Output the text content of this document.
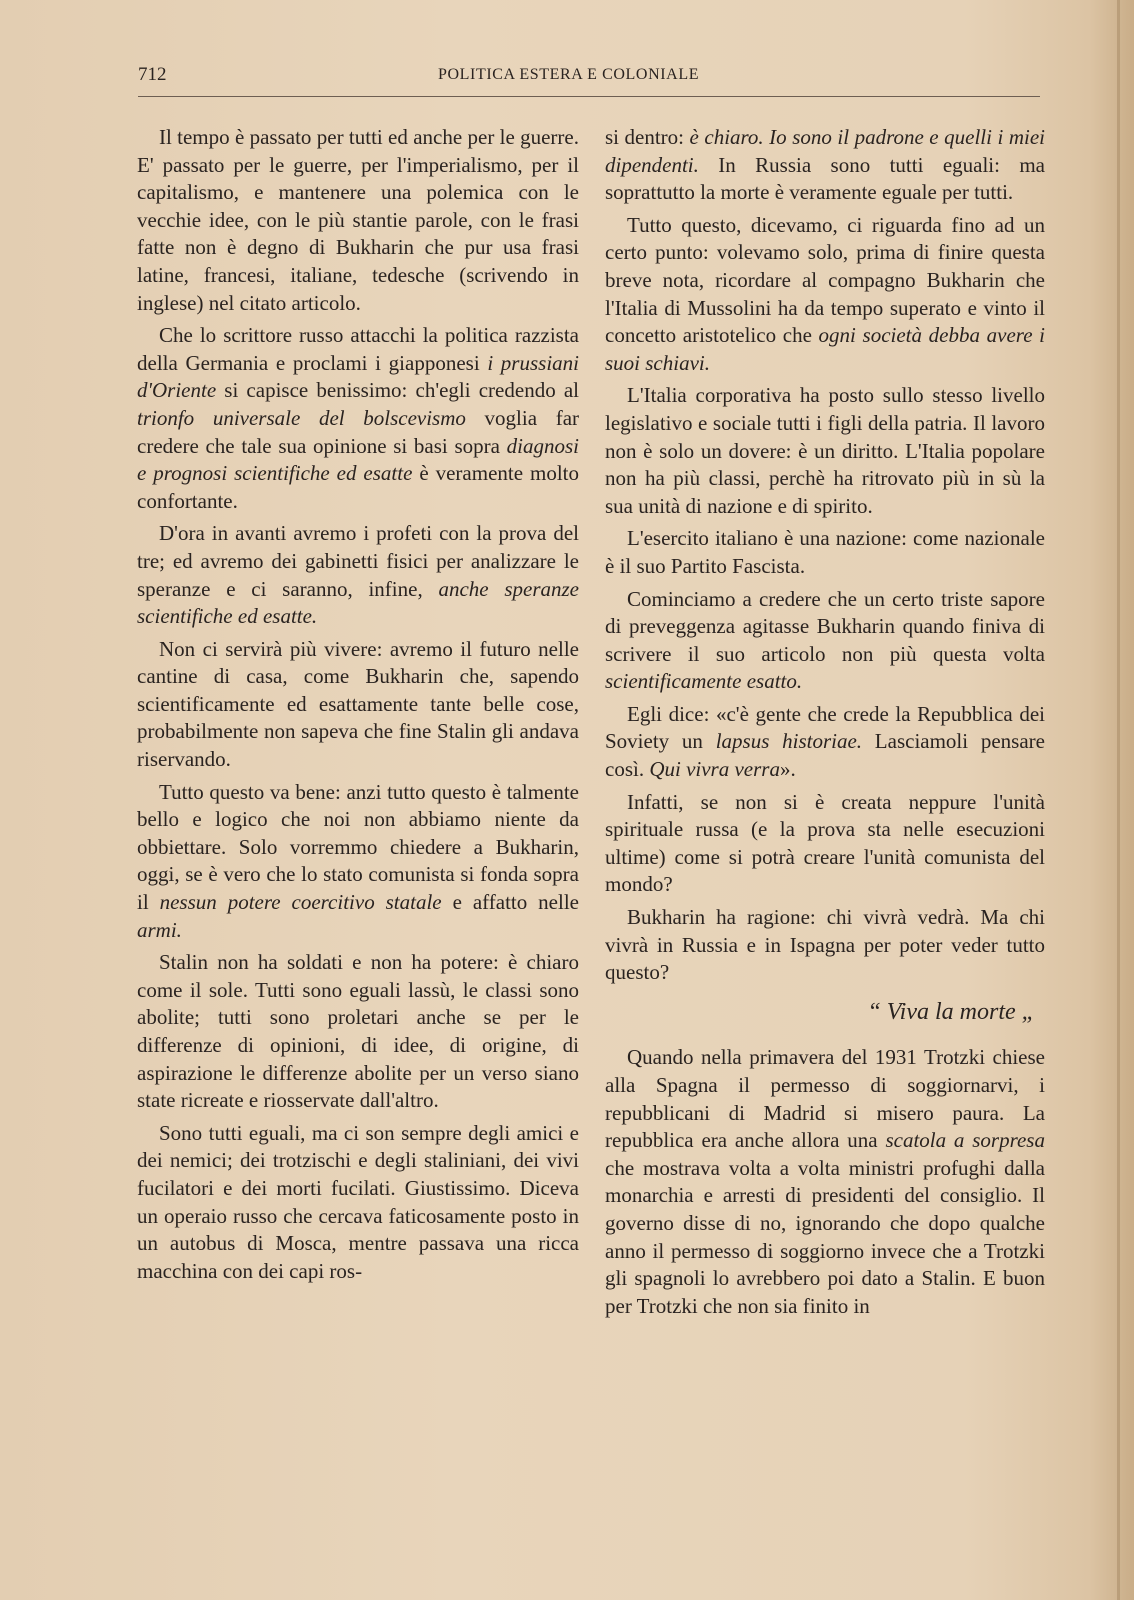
712	POLITICA ESTERA E COLONIALE

Il tempo è passato per tutti ed anche per le guerre. E' passato per le guerre, per l'imperialismo, per il capitalismo, e mantenere una polemica con le vecchie idee, con le più stantie parole, con le frasi fatte non è degno di Bukharin che pur usa frasi latine, francesi, italiane, tedesche (scrivendo in inglese) nel citato articolo.

Che lo scrittore russo attacchi la politica razzista della Germania e proclami i giapponesi i prussiani d'Oriente si capisce benissimo: ch'egli credendo al trionfo universale del bolscevismo voglia far credere che tale sua opinione si basi sopra diagnosi e prognosi scientifiche ed esatte è veramente molto confortante.

D'ora in avanti avremo i profeti con la prova del tre; ed avremo dei gabinetti fisici per analizzare le speranze e ci saranno, infine, anche speranze scientifiche ed esatte.

Non ci servirà più vivere: avremo il futuro nelle cantine di casa, come Bukharin che, sapendo scientificamente ed esattamente tante belle cose, probabilmente non sapeva che fine Stalin gli andava riservando.

Tutto questo va bene: anzi tutto questo è talmente bello e logico che noi non abbiamo niente da obbiettare. Solo vorremmo chiedere a Bukharin, oggi, se è vero che lo stato comunista si fonda sopra il nessun potere coercitivo statale e affatto nelle armi.

Stalin non ha soldati e non ha potere: è chiaro come il sole. Tutti sono eguali lassù, le classi sono abolite; tutti sono proletari anche se per le differenze di opinioni, di idee, di origine, di aspirazione le differenze abolite per un verso siano state ricreate e riosservate dall'altro.

Sono tutti eguali, ma ci son sempre degli amici e dei nemici; dei trotzischi e degli staliniani, dei vivi fucilatori e dei morti fucilati. Giustissimo. Diceva un operaio russo che cercava faticosamente posto in un autobus di Mosca, mentre passava una ricca macchina con dei capi ros-

si dentro: è chiaro. Io sono il padrone e quelli i miei dipendenti. In Russia sono tutti eguali: ma soprattutto la morte è veramente eguale per tutti.

Tutto questo, dicevamo, ci riguarda fino ad un certo punto: volevamo solo, prima di finire questa breve nota, ricordare al compagno Bukharin che l'Italia di Mussolini ha da tempo superato e vinto il concetto aristotelico che ogni società debba avere i suoi schiavi.

L'Italia corporativa ha posto sullo stesso livello legislativo e sociale tutti i figli della patria. Il lavoro non è solo un dovere: è un diritto. L'Italia popolare non ha più classi, perchè ha ritrovato più in sù la sua unità di nazione e di spirito.

L'esercito italiano è una nazione: come nazionale è il suo Partito Fascista.

Cominciamo a credere che un certo triste sapore di preveggenza agitasse Bukharin quando finiva di scrivere il suo articolo non più questa volta scientificamente esatto.

Egli dice: «c'è gente che crede la Repubblica dei Soviety un lapsus historiae. Lasciamoli pensare così. Qui vivra verra».

Infatti, se non si è creata neppure l'unità spirituale russa (e la prova sta nelle esecuzioni ultime) come si potrà creare l'unità comunista del mondo?

Bukharin ha ragione: chi vivrà vedrà. Ma chi vivrà in Russia e in Ispagna per poter veder tutto questo?

“ Viva la morte „

Quando nella primavera del 1931 Trotzki chiese alla Spagna il permesso di soggiornarvi, i repubblicani di Madrid si misero paura. La repubblica era anche allora una scatola a sorpresa che mostrava volta a volta ministri profughi dalla monarchia e arresti di presidenti del consiglio. Il governo disse di no, ignorando che dopo qualche anno il permesso di soggiorno invece che a Trotzki gli spagnoli lo avrebbero poi dato a Stalin. E buon per Trotzki che non sia finito in
